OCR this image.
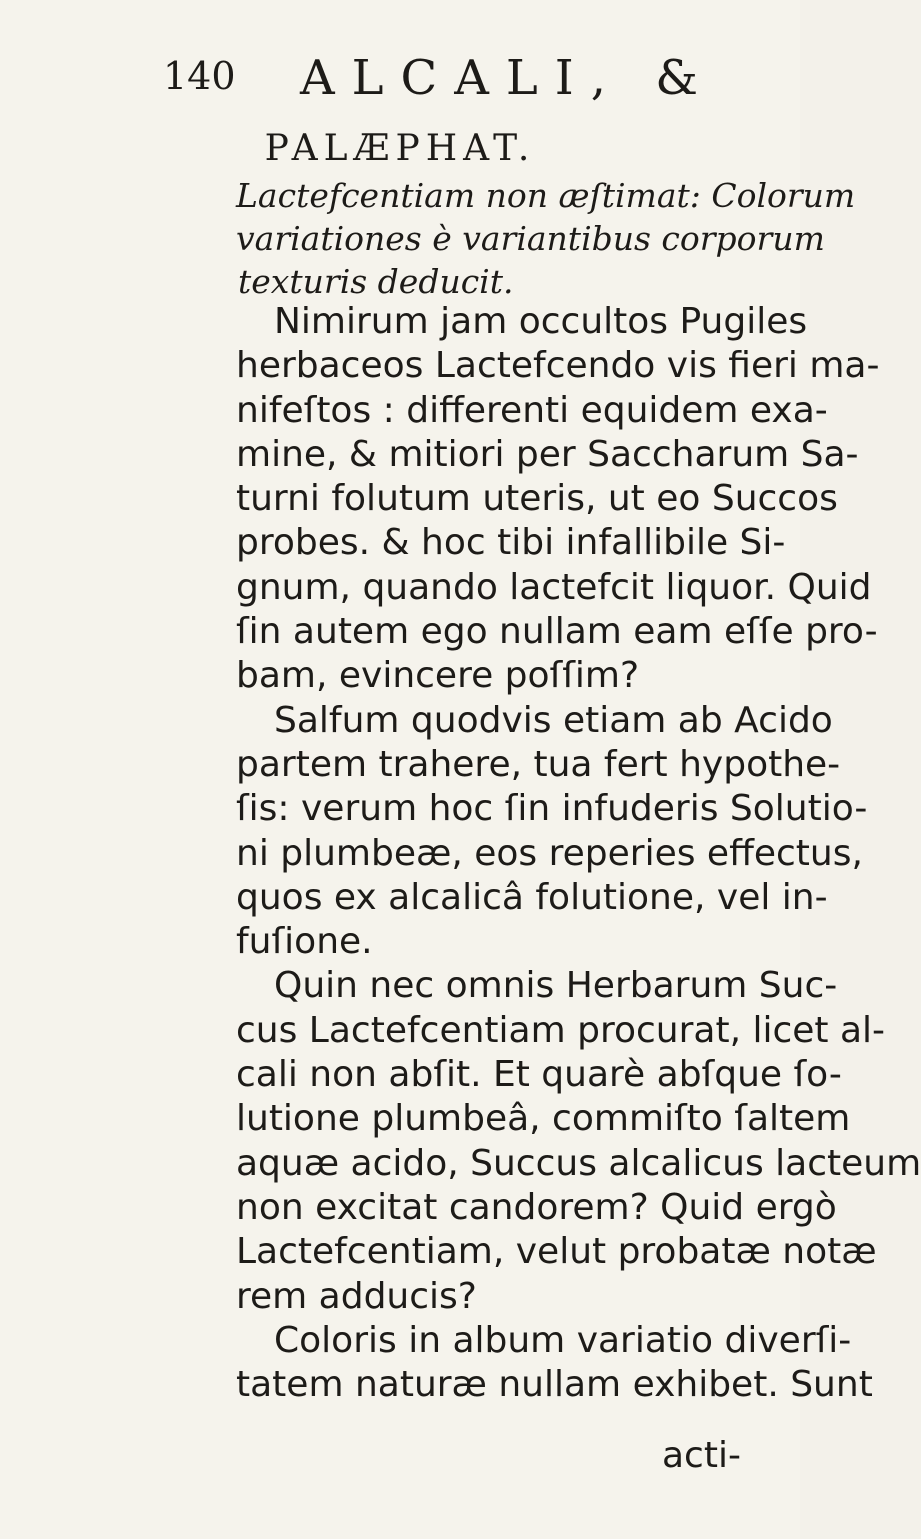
140 ALCALI, &
PALÆPHAT.
Lactefcentiam non æſtimat: Colorum
variationes è variantibus corporum
texturis deducit.
Nimirum jam occultos Pugiles
herbaceos Lactefcendo vis fieri ma-
nifeſtos : differenti equidem exa-
mine, & mitiori per Saccharum Sa-
turni folutum uteris, ut eo Succos
probes. & hoc tibi infallibile Si-
gnum, quando lactefcit liquor. Quid
ſin autem ego nullam eam eſſe pro-
bam, evincere poſſim?
Salfum quodvis etiam ab Acido
partem trahere, tua fert hypothe-
ſis: verum hoc ſin infuderis Solutio-
ni plumbeæ, eos reperies effectus,
quos ex alcalicâ folutione, vel in-
fuſione.
Quin nec omnis Herbarum Suc-
cus Lactefcentiam procurat, licet al-
cali non abſit. Et quarè abſque ſo-
lutione plumbeâ, commiſto ſaltem
aquæ acido, Succus alcalicus lacteum
non excitat candorem? Quid ergò
Lactefcentiam, velut probatæ notæ
rem adducis?
Coloris in album variatio diverſi-
tatem naturæ nullam exhibet. Sunt
acti-
